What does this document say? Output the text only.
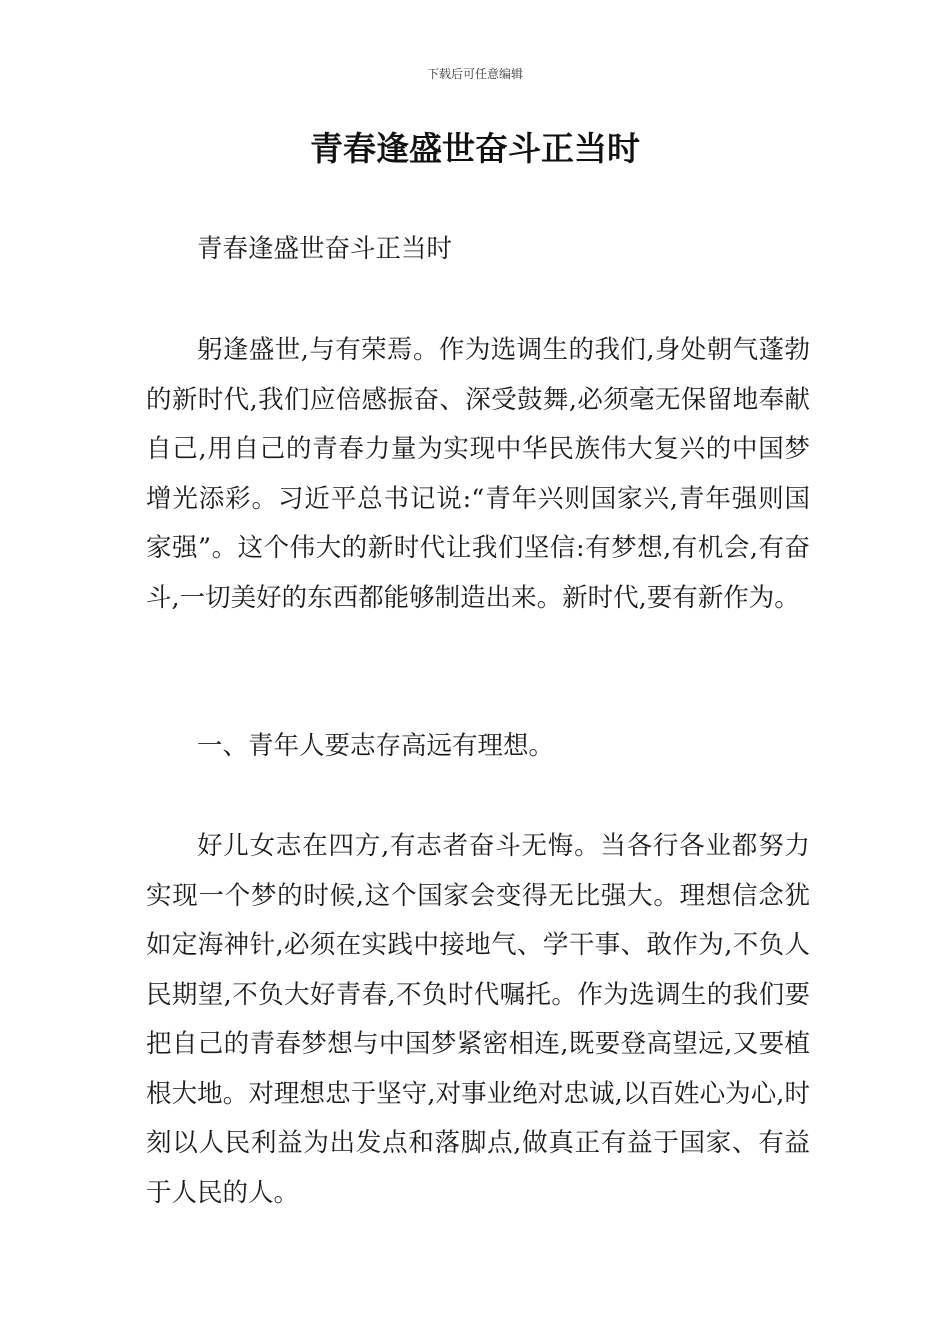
下载后可任意编辑
青春逢盛世奋斗正当时

青春逢盛世奋斗正当时

躬逢盛世,与有荣焉。作为选调生的我们,身处朝气蓬勃的新时代,我们应倍感振奋、深受鼓舞,必须毫无保留地奉献自己,用自己的青春力量为实现中华民族伟大复兴的中国梦增光添彩。习近平总书记说:“青年兴则国家兴,青年强则国家强”。这个伟大的新时代让我们坚信:有梦想,有机会,有奋斗,一切美好的东西都能够制造出来。新时代,要有新作为。

一、青年人要志存高远有理想。

好儿女志在四方,有志者奋斗无悔。当各行各业都努力实现一个梦的时候,这个国家会变得无比强大。理想信念犹如定海神针,必须在实践中接地气、学干事、敢作为,不负人民期望,不负大好青春,不负时代嘱托。作为选调生的我们要把自己的青春梦想与中国梦紧密相连,既要登高望远,又要植根大地。对理想忠于坚守,对事业绝对忠诚,以百姓心为心,时刻以人民利益为出发点和落脚点,做真正有益于国家、有益于人民的人。
